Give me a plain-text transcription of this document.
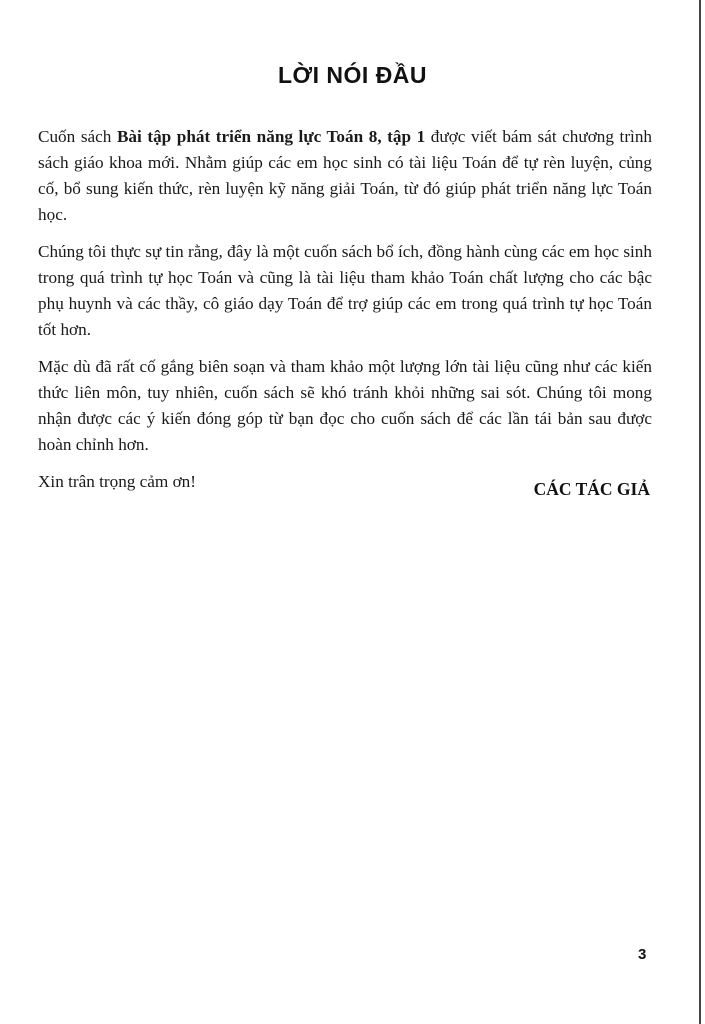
LỜI NÓI ĐẦU

Cuốn sách Bài tập phát triển năng lực Toán 8, tập 1 được viết bám sát chương trình sách giáo khoa mới. Nhằm giúp các em học sinh có tài liệu Toán để tự rèn luyện, củng cố, bổ sung kiến thức, rèn luyện kỹ năng giải Toán, từ đó giúp phát triển năng lực Toán học.

Chúng tôi thực sự tin rằng, đây là một cuốn sách bổ ích, đồng hành cùng các em học sinh trong quá trình tự học Toán và cũng là tài liệu tham khảo Toán chất lượng cho các bậc phụ huynh và các thầy, cô giáo dạy Toán để trợ giúp các em trong quá trình tự học Toán tốt hơn.

Mặc dù đã rất cố gắng biên soạn và tham khảo một lượng lớn tài liệu cũng như các kiến thức liên môn, tuy nhiên, cuốn sách sẽ khó tránh khỏi những sai sót. Chúng tôi mong nhận được các ý kiến đóng góp từ bạn đọc cho cuốn sách để các lần tái bản sau được hoàn chỉnh hơn.

Xin trân trọng cảm ơn!	CÁC TÁC GIẢ
3
